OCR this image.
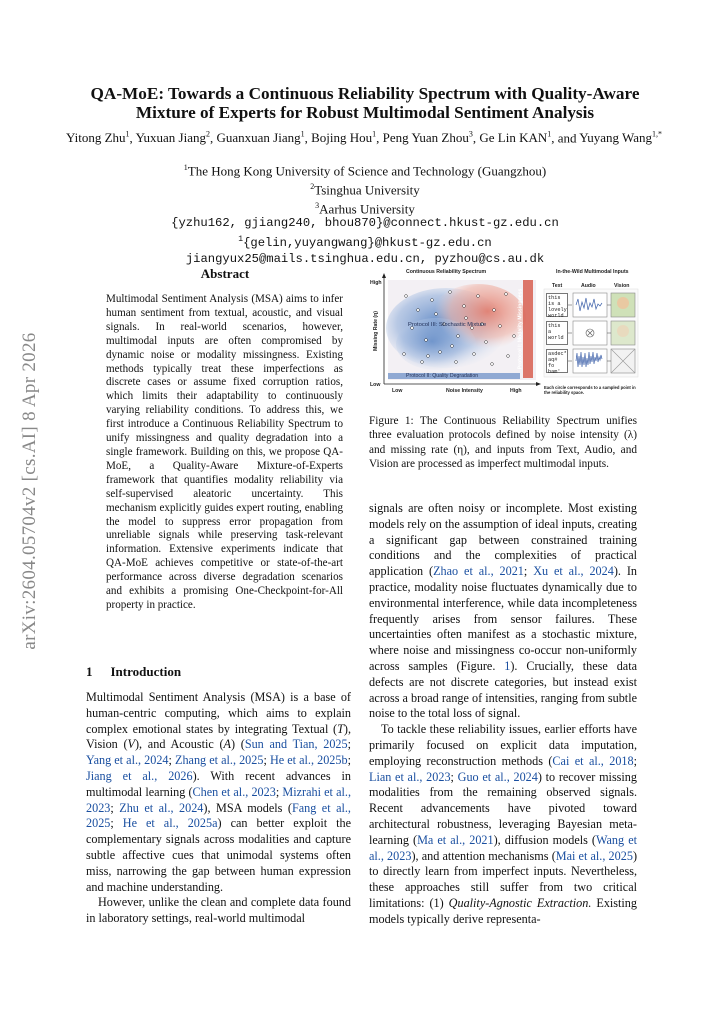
arXiv:2604.05704v2 [cs.AI] 8 Apr 2026
QA-MoE: Towards a Continuous Reliability Spectrum with Quality-Aware Mixture of Experts for Robust Multimodal Sentiment Analysis
Yitong Zhu$^1$, Yuxuan Jiang$^2$, Guanxuan Jiang$^1$, Bojing Hou$^1$, Peng Yuan Zhou$^3$, Ge Lin KAN$^1$, and Yuyang Wang$^{1,*}$
$^1$The Hong Kong University of Science and Technology (Guangzhou)
$^2$Tsinghua University
$^3$Aarhus University
{yzhu162, gjiang240, bhou870}@connect.hkust-gz.edu.cn
$^1${gelin,yuyangwang}@hkust-gz.edu.cn
jiangyux25@mails.tsinghua.edu.cn, pyzhou@cs.au.dk
Abstract
Multimodal Sentiment Analysis (MSA) aims to infer human sentiment from textual, acoustic, and visual signals. In real-world scenarios, however, multimodal inputs are often compromised by dynamic noise or modality missingness. Existing methods typically treat these imperfections as discrete cases or assume fixed corruption ratios, which limits their adaptability to continuously varying reliability conditions. To address this, we first introduce a Continuous Reliability Spectrum to unify missingness and quality degradation into a single framework. Building on this, we propose QA-MoE, a Quality-Aware Mixture-of-Experts framework that quantifies modality reliability via self-supervised aleatoric uncertainty. This mechanism explicitly guides expert routing, enabling the model to suppress error propagation from unreliable signals while preserving task-relevant information. Extensive experiments indicate that QA-MoE achieves competitive or state-of-the-art performance across diverse degradation scenarios and exhibits a promising One-Checkpoint-for-All property in practice.
1 Introduction

Multimodal Sentiment Analysis (MSA) is a base of human-centric computing, which aims to explain complex emotional states by integrating Textual (T), Vision (V), and Acoustic (A) (Sun and Tian, 2025; Yang et al., 2024; Zhang et al., 2025; He et al., 2025b; Jiang et al., 2026). With recent advances in multimodal learning (Chen et al., 2023; Mizrahi et al., 2023; Zhu et al., 2024), MSA models (Fang et al., 2025; He et al., 2025a) can better exploit the complementary signals across modalities and capture subtle affective cues that unimodal systems often miss, narrowing the gap between human expression and machine understanding.

However, unlike the clean and complete data found in laboratory settings, real-world multimodal

signals are often noisy or incomplete. Most existing models rely on the assumption of ideal inputs, creating a significant gap between constrained training conditions and the complexities of practical application (Zhao et al., 2021; Xu et al., 2024). In practice, modality noise fluctuates dynamically due to environmental interference, while data incompleteness frequently arises from sensor failures. These uncertainties often manifest as a stochastic mixture, where noise and missingness co-occur non-uniformly across samples (Figure. 1). Crucially, these data defects are not discrete categories, but instead exist across a broad range of intensities, ranging from subtle noise to the total loss of signal.

To tackle these reliability issues, earlier efforts have primarily focused on explicit data imputation, employing reconstruction methods (Cai et al., 2018; Lian et al., 2023; Guo et al., 2024) to recover missing modalities from the remaining observed signals. Recent advancements have pivoted toward architectural robustness, leveraging Bayesian meta-learning (Ma et al., 2021), diffusion models (Wang et al., 2023), and attention mechanisms (Mai et al., 2025) to directly learn from imperfect inputs. Nevertheless, these approaches still suffer from two critical limitations: (1) Quality-Agnostic Extraction. Existing models typically derive representa-

Continuous Reliability Spectrum	In-the-Wild Multimodal Inputs
High
Low
Missing Rate (η)
Low	Noise Intensity	High
Protocol III: Stochastic Mixture	Protocol I: Modality Missingness
Protocol II: Quality Degradation
Each circle corresponds to a sampled point in the reliability space.
Text	Audio	Vision
this is a lovely world
this a world
asdec* aq# fo bam'
Figure 1: The Continuous Reliability Spectrum unifies three evaluation protocols defined by noise intensity (λ) and missing rate (η), and inputs from Text, Audio, and Vision are processed as imperfect multimodal inputs.
